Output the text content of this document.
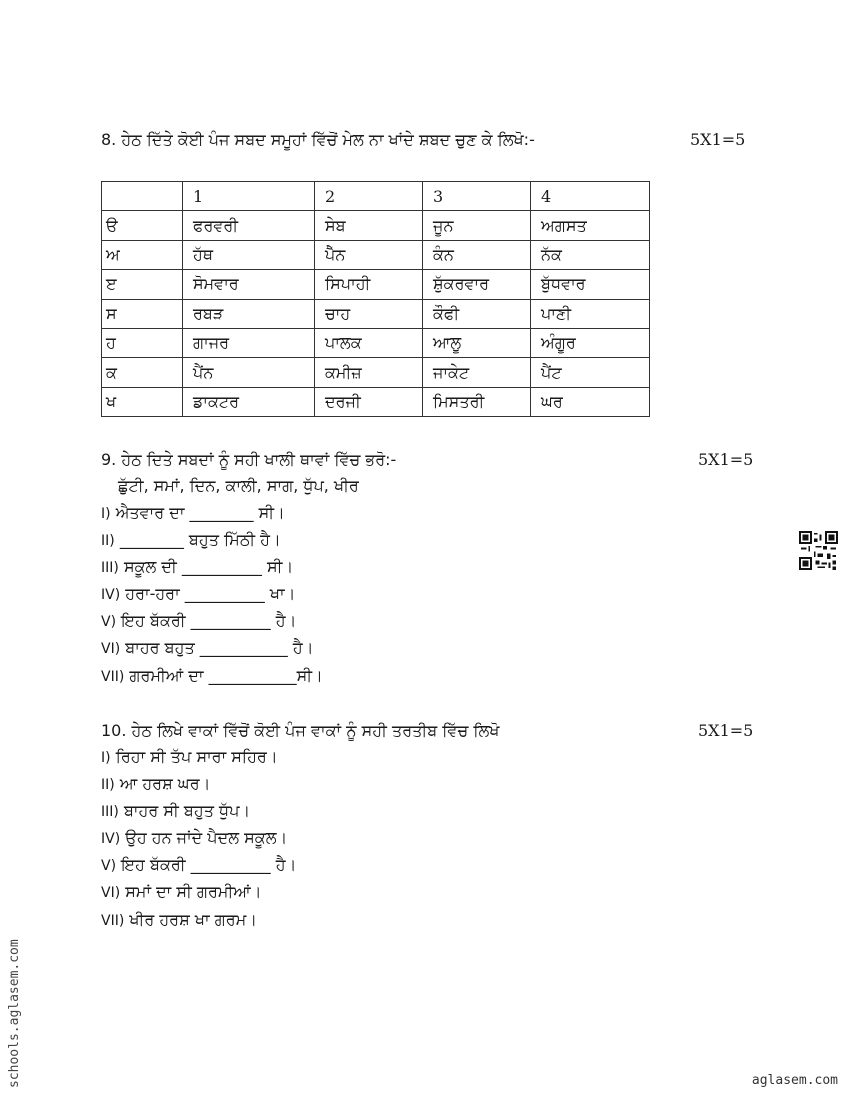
8. ਹੇਠ ਦਿੱਤੇ ਕੋਈ ਪੰਜ ਸਬਦ ਸਮੂਹਾਂ ਵਿੱਚੋਂ ਮੇਲ ਨਾ ਖਾਂਦੇ ਸ਼ਬਦ ਚੁਣ ਕੇ ਲਿਖੋ:-	5X1=5
	1	2	3	4
ੳ	ਫਰਵਰੀ	ਸੇਬ	ਜੂਨ	ਅਗਸਤ
ਅ	ਹੱਥ	ਪੈੱਨ	ਕੰਨ	ਨੱਕ
ੲ	ਸੋਮਵਾਰ	ਸਿਪਾਹੀ	ਸ਼ੁੱਕਰਵਾਰ	ਬੁੱਧਵਾਰ
ਸ	ਰਬੜ	ਚਾਹ	ਕੌਫੀ	ਪਾਣੀ
ਹ	ਗਾਜਰ	ਪਾਲਕ	ਆਲੂ	ਅੰਗੂਰ
ਕ	ਪੈਂਨ	ਕਮੀਜ਼	ਜਾਕੇਟ	ਪੈਂਟ
ਖ	ਡਾਕਟਰ	ਦਰਜੀ	ਮਿਸਤਰੀ	ਘਰ
9. ਹੇਠ ਦਿਤੇ ਸਬਦਾਂ ਨੂੰ ਸਹੀ ਖਾਲੀ ਥਾਵਾਂ ਵਿੱਚ ਭਰੋ:-	5X1=5
ਛੁੱਟੀ, ਸਮਾਂ, ਦਿਨ, ਕਾਲੀ, ਸਾਗ, ਧੁੱਪ, ਖੀਰ
I) ਐਤਵਾਰ ਦਾ ________ ਸੀ।
II) ________ ਬਹੁਤ ਮਿੱਠੀ ਹੈ।
III) ਸਕੂਲ ਦੀ __________ ਸੀ।
IV) ਹਰਾ-ਹਰਾ __________ ਖਾ।
V) ਇਹ ਬੱਕਰੀ __________ ਹੈ।
VI) ਬਾਹਰ ਬਹੁਤ ___________ ਹੈ।
VII) ਗਰਮੀਆਂ ਦਾ ___________ਸੀ।
10. ਹੇਠ ਲਿਖੇ ਵਾਕਾਂ ਵਿੱਚੋਂ ਕੋਈ ਪੰਜ ਵਾਕਾਂ ਨੂੰ ਸਹੀ ਤਰਤੀਬ ਵਿੱਚ ਲਿਖੋ	5X1=5
I) ਰਿਹਾ ਸੀ ਤੱਪ ਸਾਰਾ ਸਹਿਰ।
II) ਆ ਹਰਸ਼ ਘਰ।
III) ਬਾਹਰ ਸੀ ਬਹੁਤ ਧੁੱਪ।
IV) ਉਹ ਹਨ ਜਾਂਦੇ ਪੈਦਲ ਸਕੂਲ।
V) ਇਹ ਬੱਕਰੀ __________ ਹੈ।
VI) ਸਮਾਂ ਦਾ ਸੀ ਗਰਮੀਆਂ।
VII) ਖੀਰ ਹਰਸ਼ ਖਾ ਗਰਮ।
schools.aglasem.com	aglasem.com
